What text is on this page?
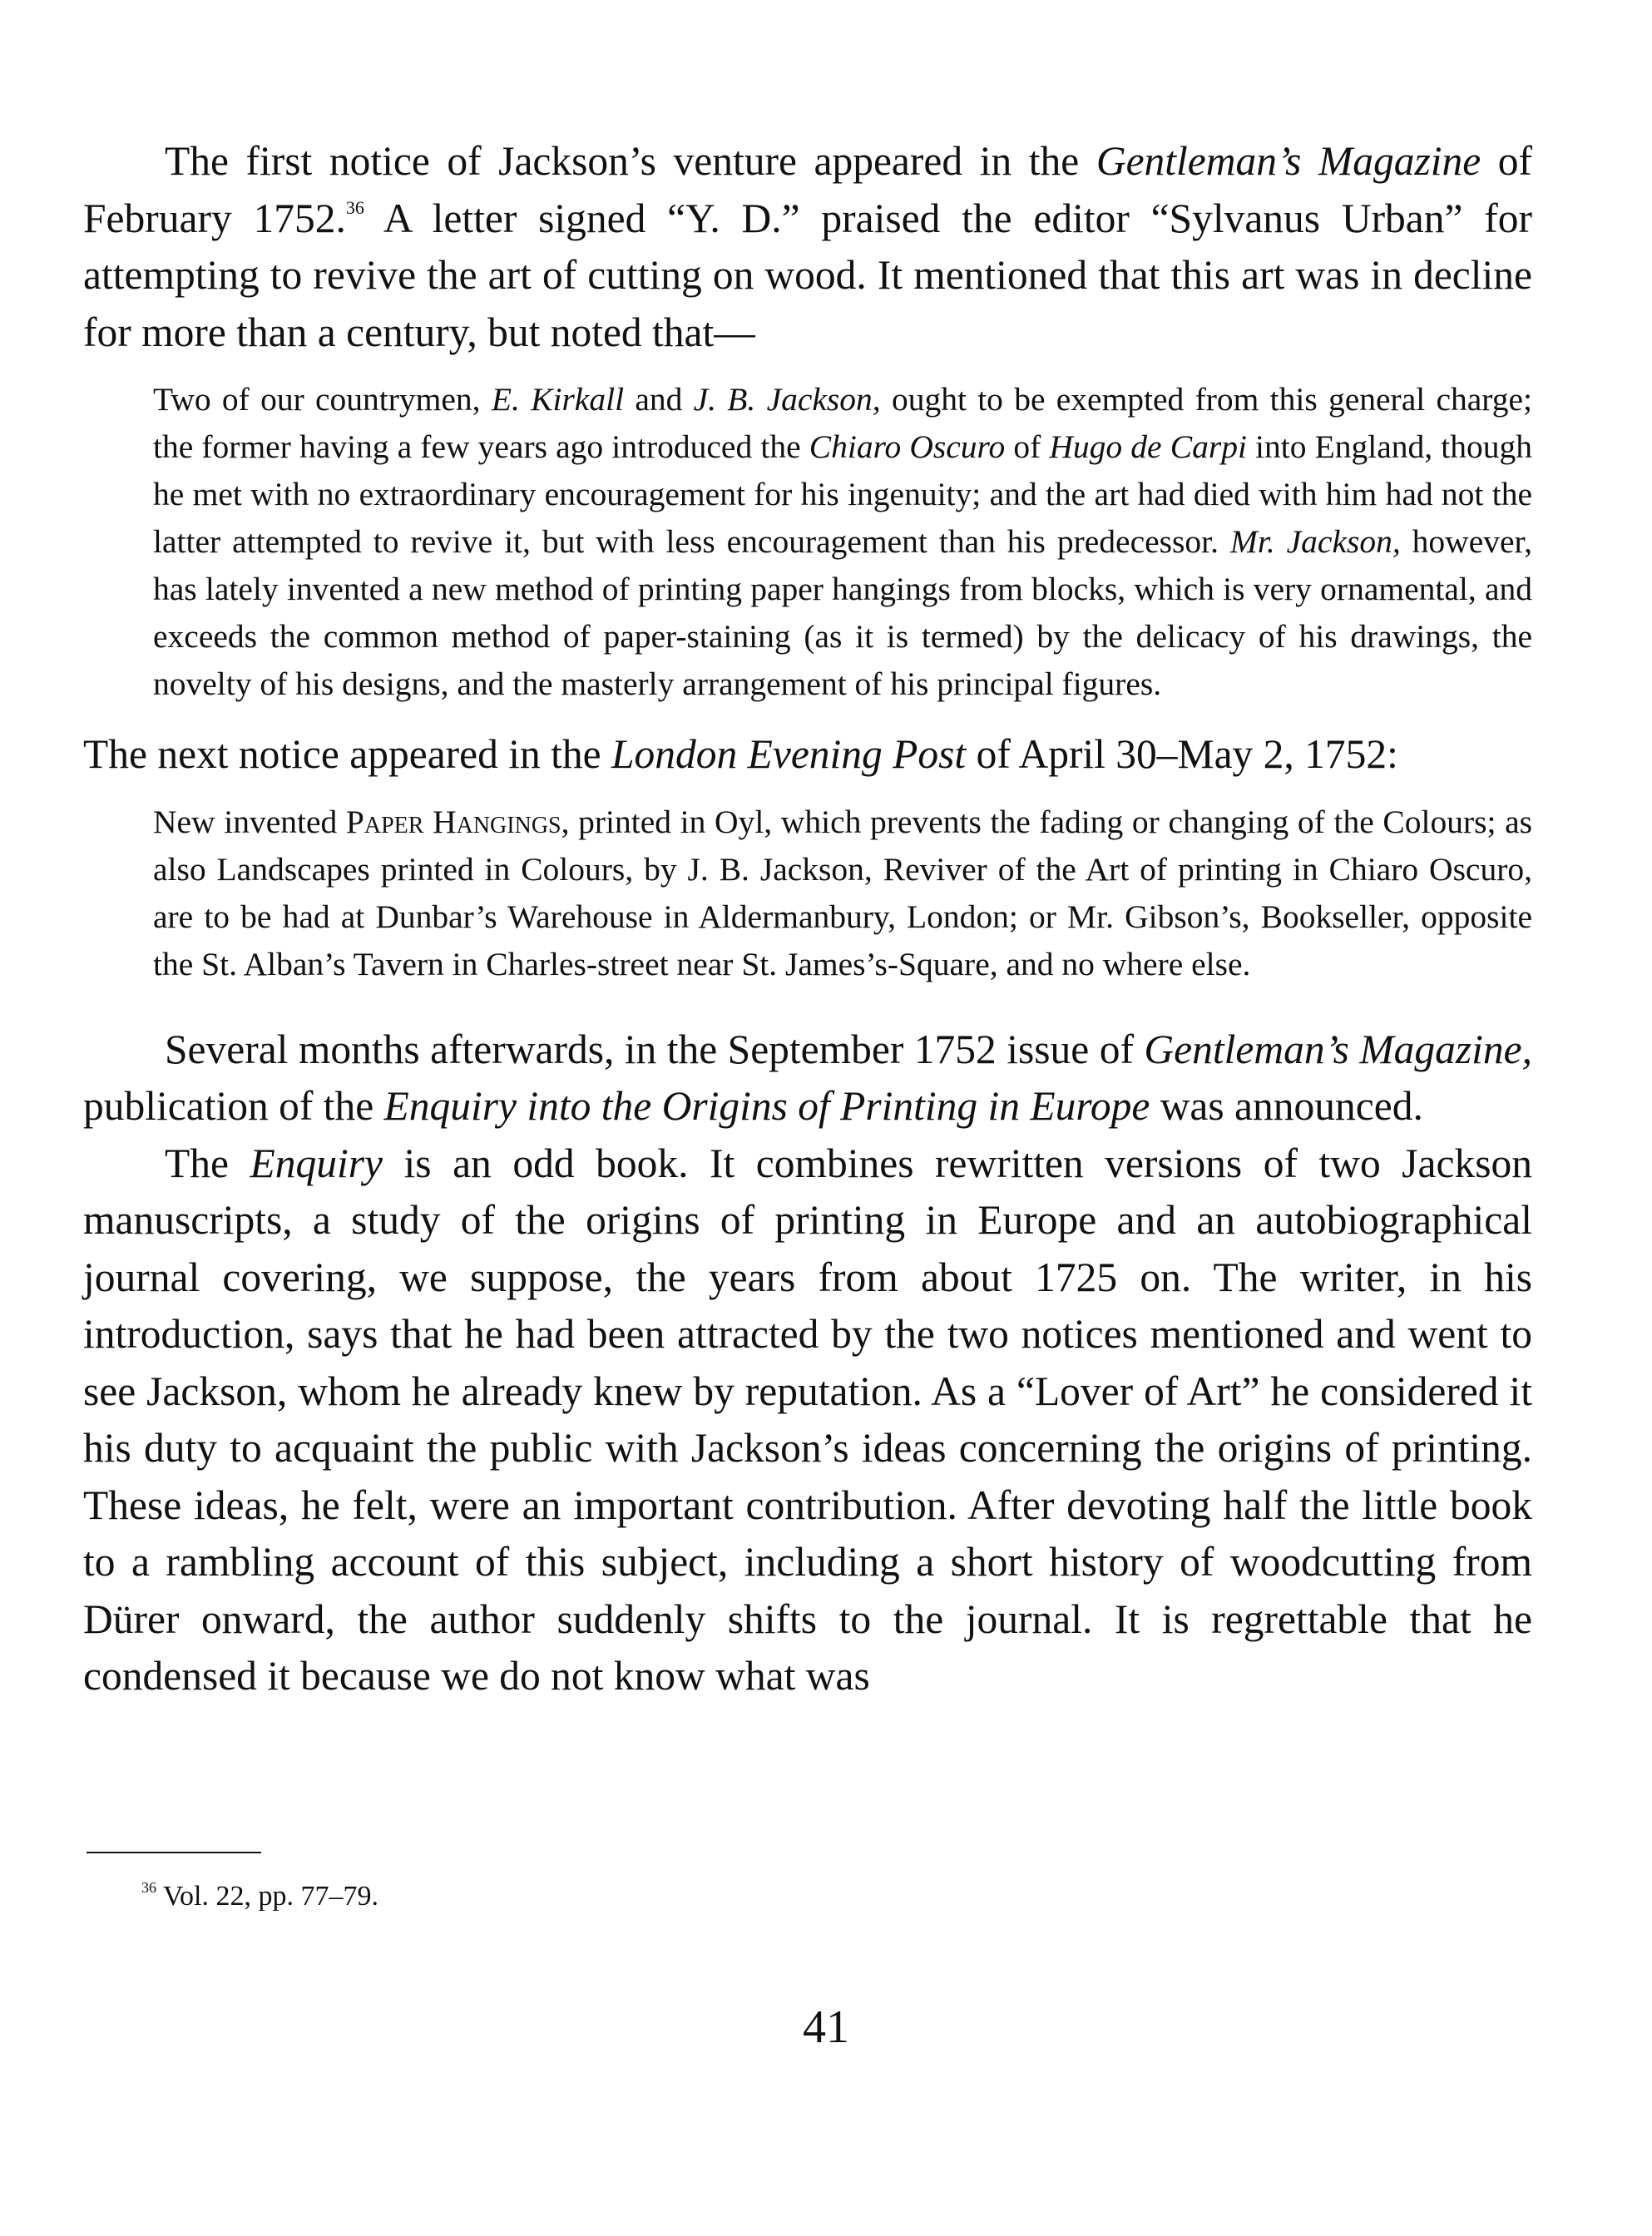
The first notice of Jackson’s venture appeared in the Gentleman’s Magazine of February 1752.36 A letter signed “Y. D.” praised the editor “Sylvanus Urban” for attempting to revive the art of cutting on wood. It mentioned that this art was in decline for more than a century, but noted that—

Two of our countrymen, E. Kirkall and J. B. Jackson, ought to be exempted from this general charge; the former having a few years ago introduced the Chiaro Oscuro of Hugo de Carpi into England, though he met with no extraordinary encouragement for his ingenuity; and the art had died with him had not the latter attempted to revive it, but with less encouragement than his predecessor. Mr. Jackson, however, has lately invented a new method of printing paper hangings from blocks, which is very ornamental, and exceeds the common method of paper-staining (as it is termed) by the delicacy of his drawings, the novelty of his designs, and the masterly arrangement of his principal figures.

The next notice appeared in the London Evening Post of April 30–May 2, 1752:

New invented Paper Hangings, printed in Oyl, which prevents the fading or changing of the Colours; as also Landscapes printed in Colours, by J. B. Jackson, Reviver of the Art of printing in Chiaro Oscuro, are to be had at Dunbar’s Warehouse in Aldermanbury, London; or Mr. Gibson’s, Bookseller, opposite the St. Alban’s Tavern in Charles-street near St. James’s-Square, and no where else.

Several months afterwards, in the September 1752 issue of Gentleman’s Magazine, publication of the Enquiry into the Origins of Printing in Europe was announced.

The Enquiry is an odd book. It combines rewritten versions of two Jackson manuscripts, a study of the origins of printing in Europe and an autobiographical journal covering, we suppose, the years from about 1725 on. The writer, in his introduction, says that he had been attracted by the two notices mentioned and went to see Jackson, whom he already knew by reputation. As a “Lover of Art” he considered it his duty to acquaint the public with Jackson’s ideas concerning the origins of printing. These ideas, he felt, were an important contribution. After devoting half the little book to a rambling account of this subject, including a short history of woodcutting from Dürer onward, the author suddenly shifts to the journal. It is regrettable that he condensed it because we do not know what was

$^{36}$ Vol. 22, pp. 77–79.
41
